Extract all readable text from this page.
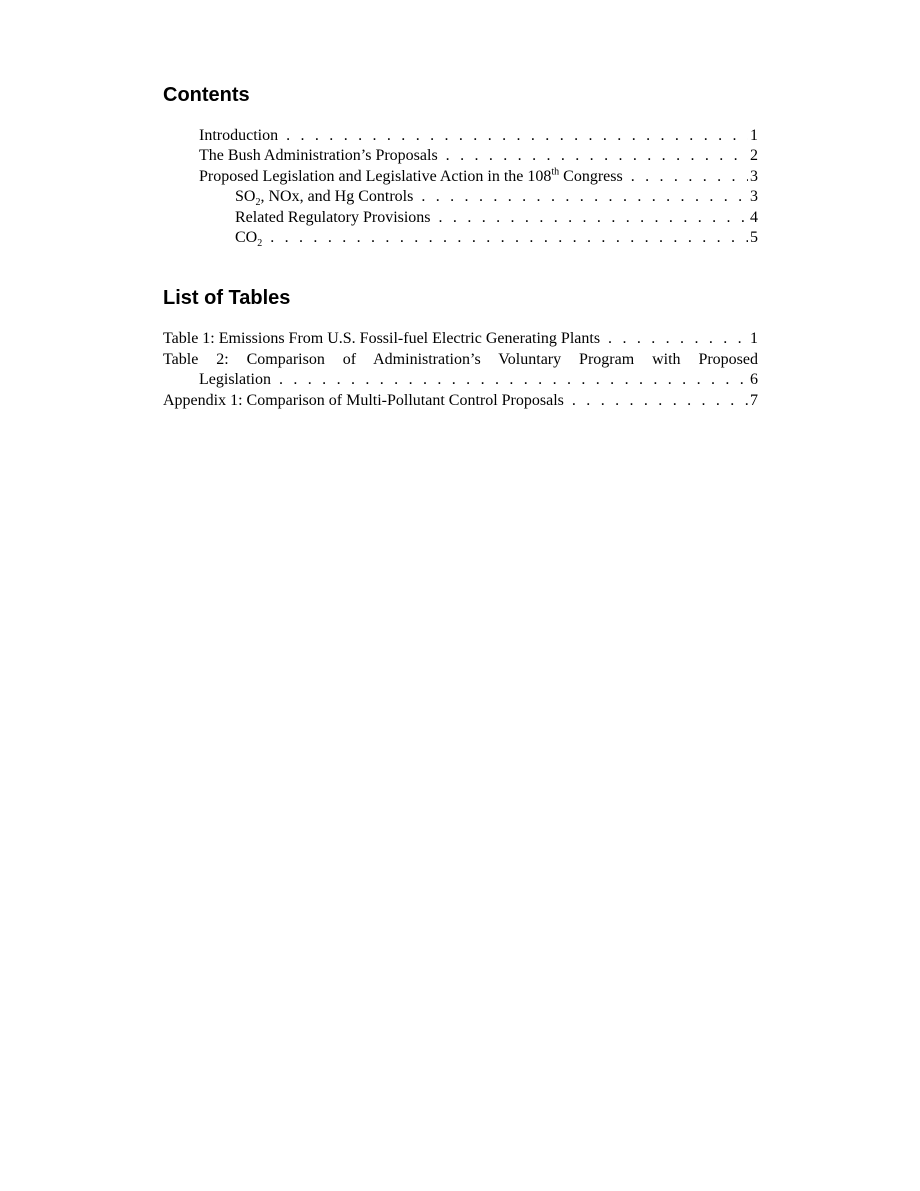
Contents
Introduction . . .	1
The Bush Administration’s Proposals . . .	2
Proposed Legislation and Legislative Action in the 108th Congress . . .	3
$SO_2$, NOx, and Hg Controls . . .	3
Related Regulatory Provisions . . .	4
$CO_2$ . . .	5
List of Tables
Table 1: Emissions From U.S. Fossil-fuel Electric Generating Plants . . .	1
Table 2: Comparison of Administration’s Voluntary Program with Proposed
Legislation . . .	6
Appendix 1: Comparison of Multi-Pollutant Control Proposals . . .	7
